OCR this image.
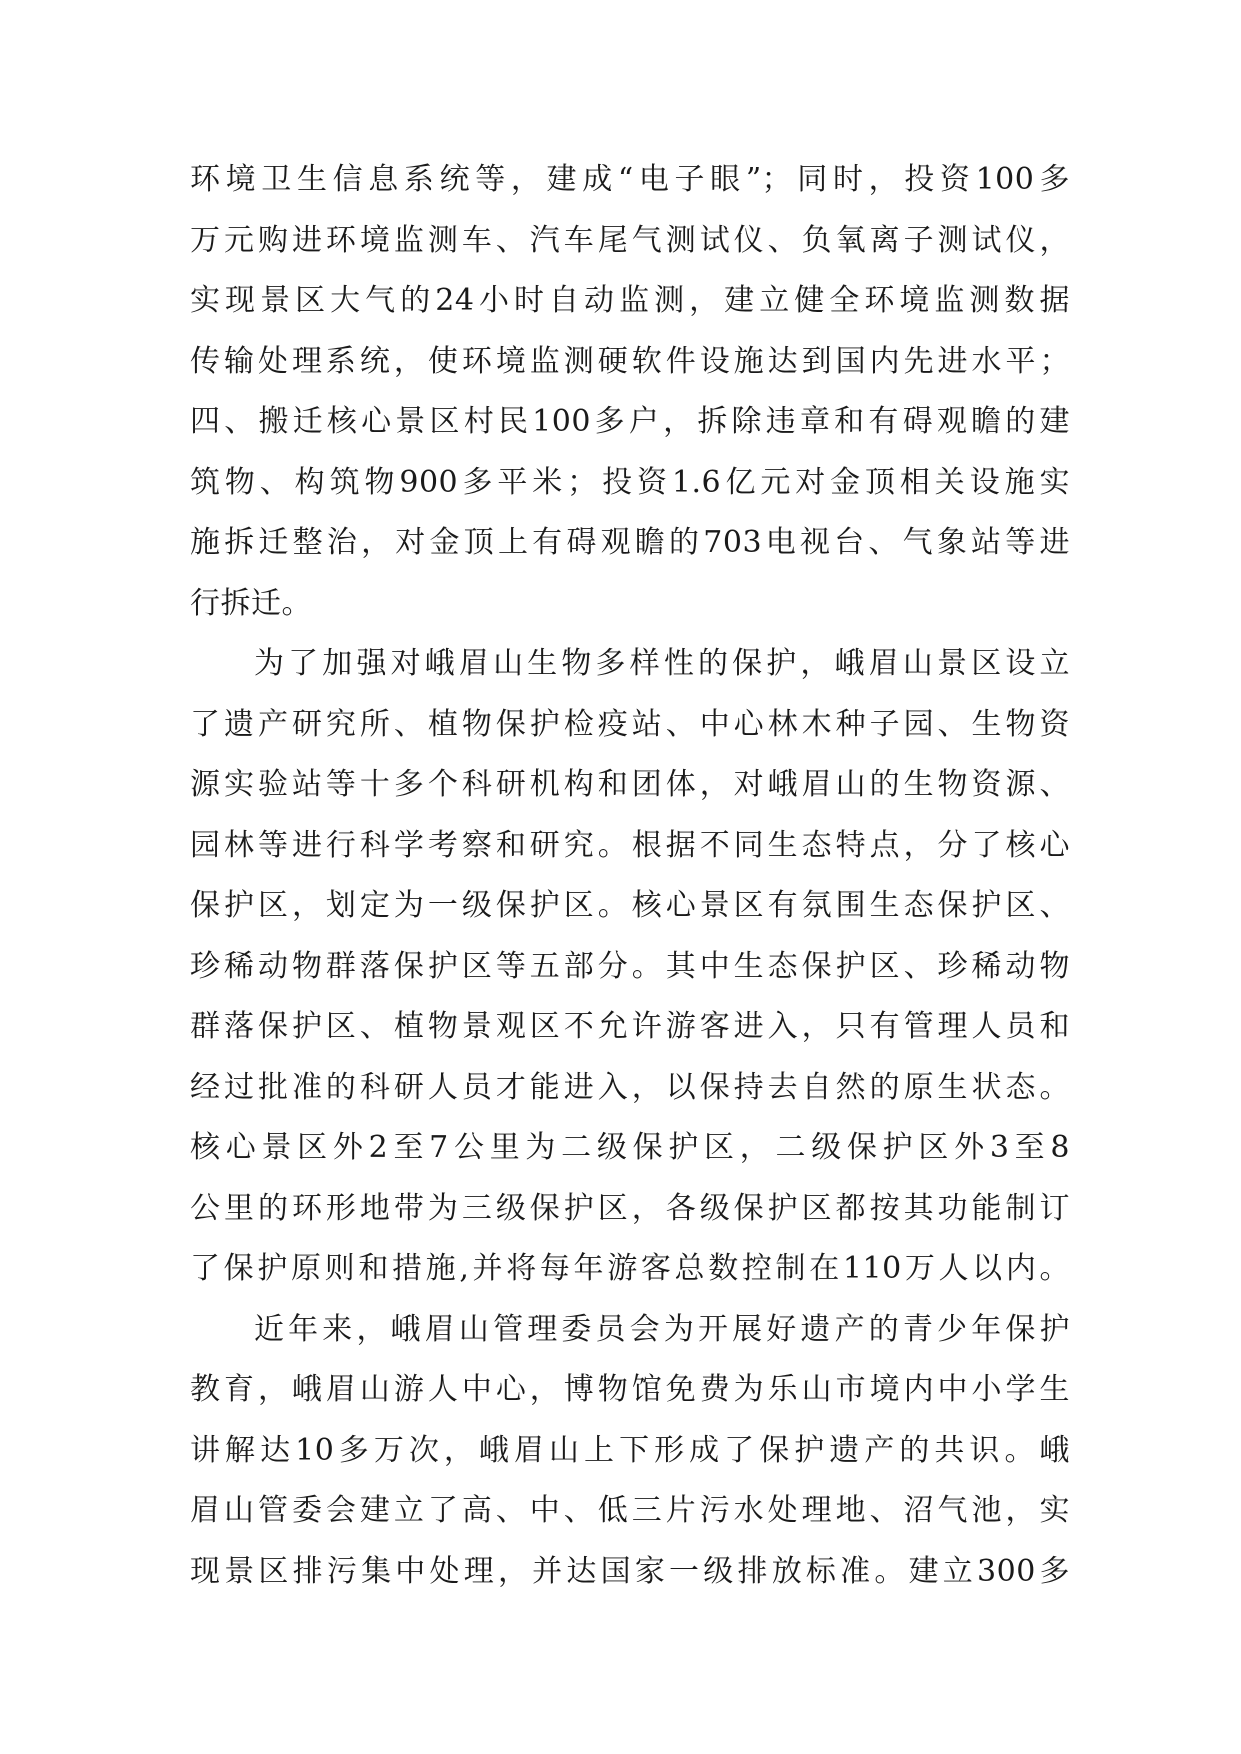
环境卫生信息系统等，建成“电子眼”；同时，投资100多
万元购进环境监测车、汽车尾气测试仪、负氧离子测试仪，
实现景区大气的24小时自动监测，建立健全环境监测数据
传输处理系统，使环境监测硬软件设施达到国内先进水平；
四、搬迁核心景区村民100多户，拆除违章和有碍观瞻的建
筑物、构筑物900多平米；投资1.6亿元对金顶相关设施实
施拆迁整治，对金顶上有碍观瞻的703电视台、气象站等进
行拆迁。
为了加强对峨眉山生物多样性的保护，峨眉山景区设立
了遗产研究所、植物保护检疫站、中心林木种子园、生物资
源实验站等十多个科研机构和团体，对峨眉山的生物资源、
园林等进行科学考察和研究。根据不同生态特点，分了核心
保护区，划定为一级保护区。核心景区有氛围生态保护区、
珍稀动物群落保护区等五部分。其中生态保护区、珍稀动物
群落保护区、植物景观区不允许游客进入，只有管理人员和
经过批准的科研人员才能进入，以保持去自然的原生状态。
核心景区外2至7公里为二级保护区，二级保护区外3至8
公里的环形地带为三级保护区，各级保护区都按其功能制订
了保护原则和措施,并将每年游客总数控制在110万人以内。
近年来，峨眉山管理委员会为开展好遗产的青少年保护
教育，峨眉山游人中心，博物馆免费为乐山市境内中小学生
讲解达10多万次，峨眉山上下形成了保护遗产的共识。峨
眉山管委会建立了高、中、低三片污水处理地、沼气池，实
现景区排污集中处理，并达国家一级排放标准。建立300多
